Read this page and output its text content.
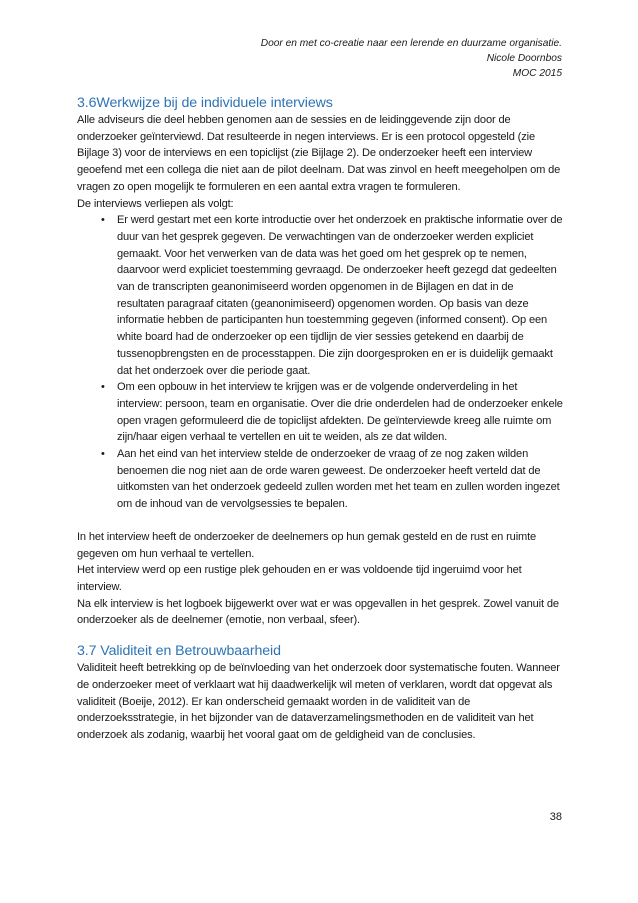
Door en met co-creatie naar een lerende en duurzame organisatie.
Nicole Doornbos
MOC 2015
3.6Werkwijze bij de individuele interviews

Alle adviseurs die deel hebben genomen aan de sessies en de leidinggevende zijn door de onderzoeker geïnterviewd. Dat resulteerde in negen interviews. Er is een protocol opgesteld (zie Bijlage 3) voor de interviews en een topiclijst (zie Bijlage 2). De onderzoeker heeft een interview geoefend met een collega die niet aan de pilot deelnam. Dat was zinvol en heeft meegeholpen om de vragen zo open mogelijk te formuleren en een aantal extra vragen te formuleren.

De interviews verliepen als volgt:

• Er werd gestart met een korte introductie over het onderzoek en praktische informatie over de duur van het gesprek gegeven. De verwachtingen van de onderzoeker werden expliciet gemaakt. Voor het verwerken van de data was het goed om het gesprek op te nemen, daarvoor werd expliciet toestemming gevraagd. De onderzoeker heeft gezegd dat gedeelten van de transcripten geanonimiseerd worden opgenomen in de Bijlagen en dat in de resultaten paragraaf citaten (geanonimiseerd) opgenomen worden. Op basis van deze informatie hebben de participanten hun toestemming gegeven (informed consent). Op een white board had de onderzoeker op een tijdlijn de vier sessies getekend en daarbij de tussenopbrengsten en de processtappen. Die zijn doorgesproken en er is duidelijk gemaakt dat het onderzoek over die periode gaat.
• Om een opbouw in het interview te krijgen was er de volgende onderverdeling in het interview: persoon, team en organisatie. Over die drie onderdelen had de onderzoeker enkele open vragen geformuleerd die de topiclijst afdekten. De geïnterviewde kreeg alle ruimte om zijn/haar eigen verhaal te vertellen en uit te weiden, als ze dat wilden.
• Aan het eind van het interview stelde de onderzoeker de vraag of ze nog zaken wilden benoemen die nog niet aan de orde waren geweest. De onderzoeker heeft verteld dat de uitkomsten van het onderzoek gedeeld zullen worden met het team en zullen worden ingezet om de inhoud van de vervolgsessies te bepalen.

In het interview heeft de onderzoeker de deelnemers op hun gemak gesteld en de rust en ruimte gegeven om hun verhaal te vertellen.

Het interview werd op een rustige plek gehouden en er was voldoende tijd ingeruimd voor het interview.

Na elk interview is het logboek bijgewerkt over wat er was opgevallen in het gesprek. Zowel vanuit de onderzoeker als de deelnemer (emotie, non verbaal, sfeer).

3.7 Validiteit en Betrouwbaarheid

Validiteit heeft betrekking op de beïnvloeding van het onderzoek door systematische fouten. Wanneer de onderzoeker meet of verklaart wat hij daadwerkelijk wil meten of verklaren, wordt dat opgevat als validiteit (Boeije, 2012). Er kan onderscheid gemaakt worden in de validiteit van de onderzoeksstrategie, in het bijzonder van de dataverzamelingsmethoden en de validiteit van het onderzoek als zodanig, waarbij het vooral gaat om de geldigheid van de conclusies.

38
